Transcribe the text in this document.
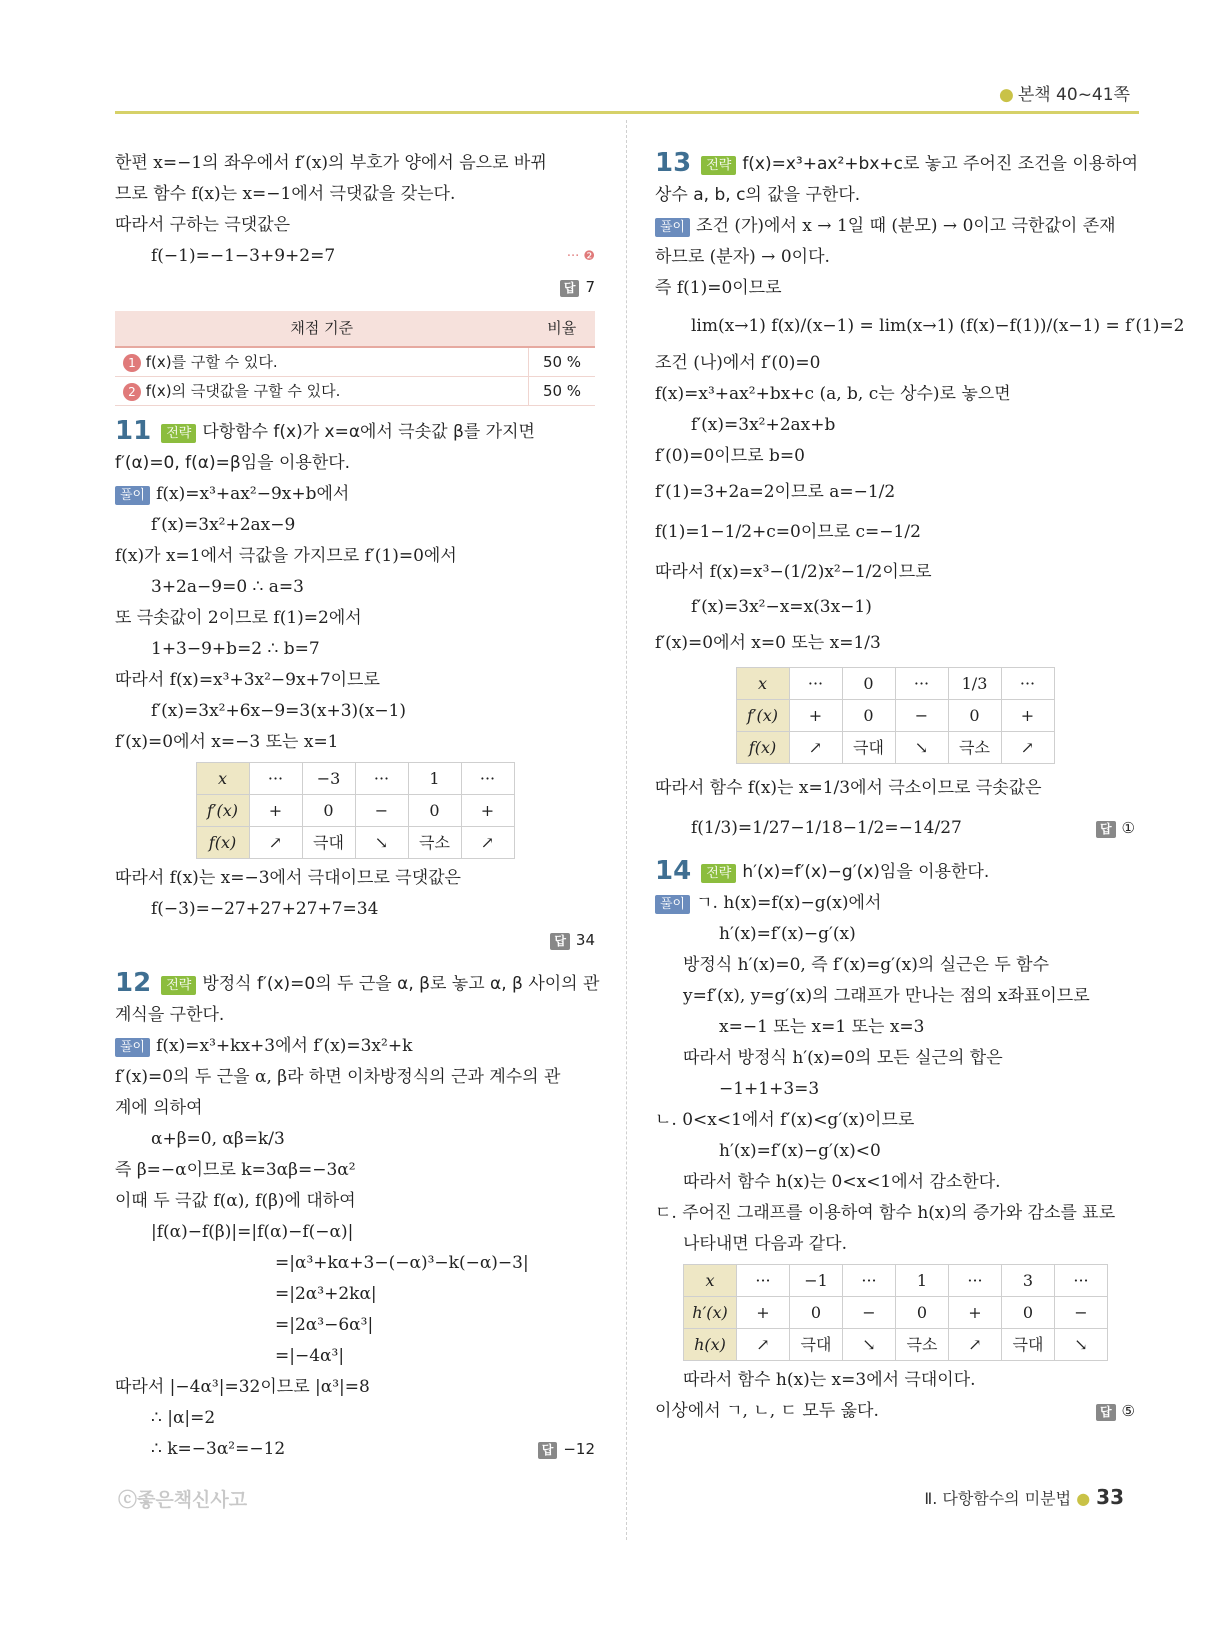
● 본책 40~41쪽
한편 x=−1의 좌우에서 f′(x)의 부호가 양에서 음으로 바뀌
므로 함수 f(x)는 x=−1에서 극댓값을 갖는다.
따라서 구하는 극댓값은
f(−1)=−1−3+9+2=7	··· ❷
답 7
채점 기준	비율
1 f(x)를 구할 수 있다.	50 %
2 f(x)의 극댓값을 구할 수 있다.	50 %
11 전략 다항함수 f(x)가 x=α에서 극솟값 β를 가지면
f′(α)=0, f(α)=β임을 이용한다.
풀이 f(x)=x³+ax²−9x+b에서
f′(x)=3x²+2ax−9
f(x)가 x=1에서 극값을 가지므로 f′(1)=0에서
3+2a−9=0 ∴ a=3
또 극솟값이 2이므로 f(1)=2에서
1+3−9+b=2 ∴ b=7
따라서 f(x)=x³+3x²−9x+7이므로
f′(x)=3x²+6x−9=3(x+3)(x−1)
f′(x)=0에서 x=−3 또는 x=1
x	···	−3	···	1	···
f′(x)	+	0	−	0	+
f(x)	↗	극대	↘	극소	↗
따라서 f(x)는 x=−3에서 극대이므로 극댓값은
f(−3)=−27+27+27+7=34
답 34
12 전략 방정식 f′(x)=0의 두 근을 α, β로 놓고 α, β 사이의 관
계식을 구한다.
풀이 f(x)=x³+kx+3에서 f′(x)=3x²+k
f′(x)=0의 두 근을 α, β라 하면 이차방정식의 근과 계수의 관
계에 의하여
α+β=0, αβ=k/3
즉 β=−α이므로 k=3αβ=−3α²
이때 두 극값 f(α), f(β)에 대하여
|f(α)−f(β)|=|f(α)−f(−α)|
=|α³+kα+3−(−α)³−k(−α)−3|
=|2α³+2kα|
=|2α³−6α³|
=|−4α³|
따라서 |−4α³|=32이므로 |α³|=8
∴ |α|=2
∴ k=−3α²=−12	답 −12
13 전략 f(x)=x³+ax²+bx+c로 놓고 주어진 조건을 이용하여
상수 a, b, c의 값을 구한다.
풀이 조건 (가)에서 x → 1일 때 (분모) → 0이고 극한값이 존재
하므로 (분자) → 0이다.
즉 f(1)=0이므로
lim(x→1) f(x)/(x−1) = lim(x→1) (f(x)−f(1))/(x−1) = f′(1)=2
조건 (나)에서 f′(0)=0
f(x)=x³+ax²+bx+c (a, b, c는 상수)로 놓으면
f′(x)=3x²+2ax+b
f′(0)=0이므로 b=0
f′(1)=3+2a=2이므로 a=−1/2
f(1)=1−1/2+c=0이므로 c=−1/2
따라서 f(x)=x³−(1/2)x²−1/2이므로
f′(x)=3x²−x=x(3x−1)
f′(x)=0에서 x=0 또는 x=1/3
x	···	0	···	1/3	···
f′(x)	+	0	−	0	+
f(x)	↗	극대	↘	극소	↗
따라서 함수 f(x)는 x=1/3에서 극소이므로 극솟값은
f(1/3)=1/27−1/18−1/2=−14/27	답 ①
14 전략 h′(x)=f′(x)−g′(x)임을 이용한다.
풀이 ㄱ. h(x)=f(x)−g(x)에서
h′(x)=f′(x)−g′(x)
방정식 h′(x)=0, 즉 f′(x)=g′(x)의 실근은 두 함수
y=f′(x), y=g′(x)의 그래프가 만나는 점의 x좌표이므로
x=−1 또는 x=1 또는 x=3
따라서 방정식 h′(x)=0의 모든 실근의 합은
−1+1+3=3
ㄴ. 0<x<1에서 f′(x)<g′(x)이므로
h′(x)=f′(x)−g′(x)<0
따라서 함수 h(x)는 0<x<1에서 감소한다.
ㄷ. 주어진 그래프를 이용하여 함수 h(x)의 증가와 감소를 표로
나타내면 다음과 같다.
x	···	−1	···	1	···	3	···
h′(x)	+	0	−	0	+	0	−
h(x)	↗	극대	↘	극소	↗	극대	↘
따라서 함수 h(x)는 x=3에서 극대이다.
이상에서 ㄱ, ㄴ, ㄷ 모두 옳다.	답 ⑤
ⓒ좋은책신사고	Ⅱ. 다항함수의 미분법 ● 33
